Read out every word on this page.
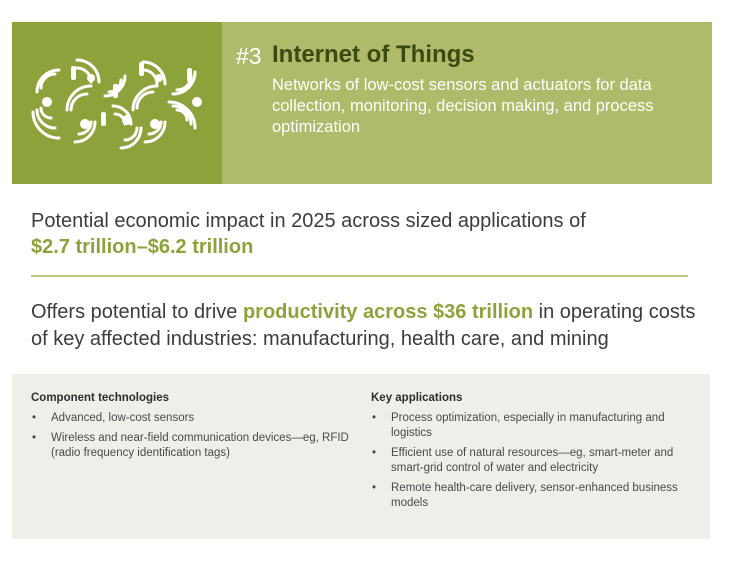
#3 Internet of Things
Networks of low-cost sensors and actuators for data collection, monitoring, decision making, and process optimization
Potential economic impact in 2025 across sized applications of
$2.7 trillion–$6.2 trillion
Offers potential to drive productivity across $36 trillion in operating costs of key affected industries: manufacturing, health care, and mining
Component technologies
• Advanced, low-cost sensors
• Wireless and near-field communication devices—eg, RFID (radio frequency identification tags)
Key applications
• Process optimization, especially in manufacturing and logistics
• Efficient use of natural resources—eg, smart-meter and smart-grid control of water and electricity
• Remote health-care delivery, sensor-enhanced business models
